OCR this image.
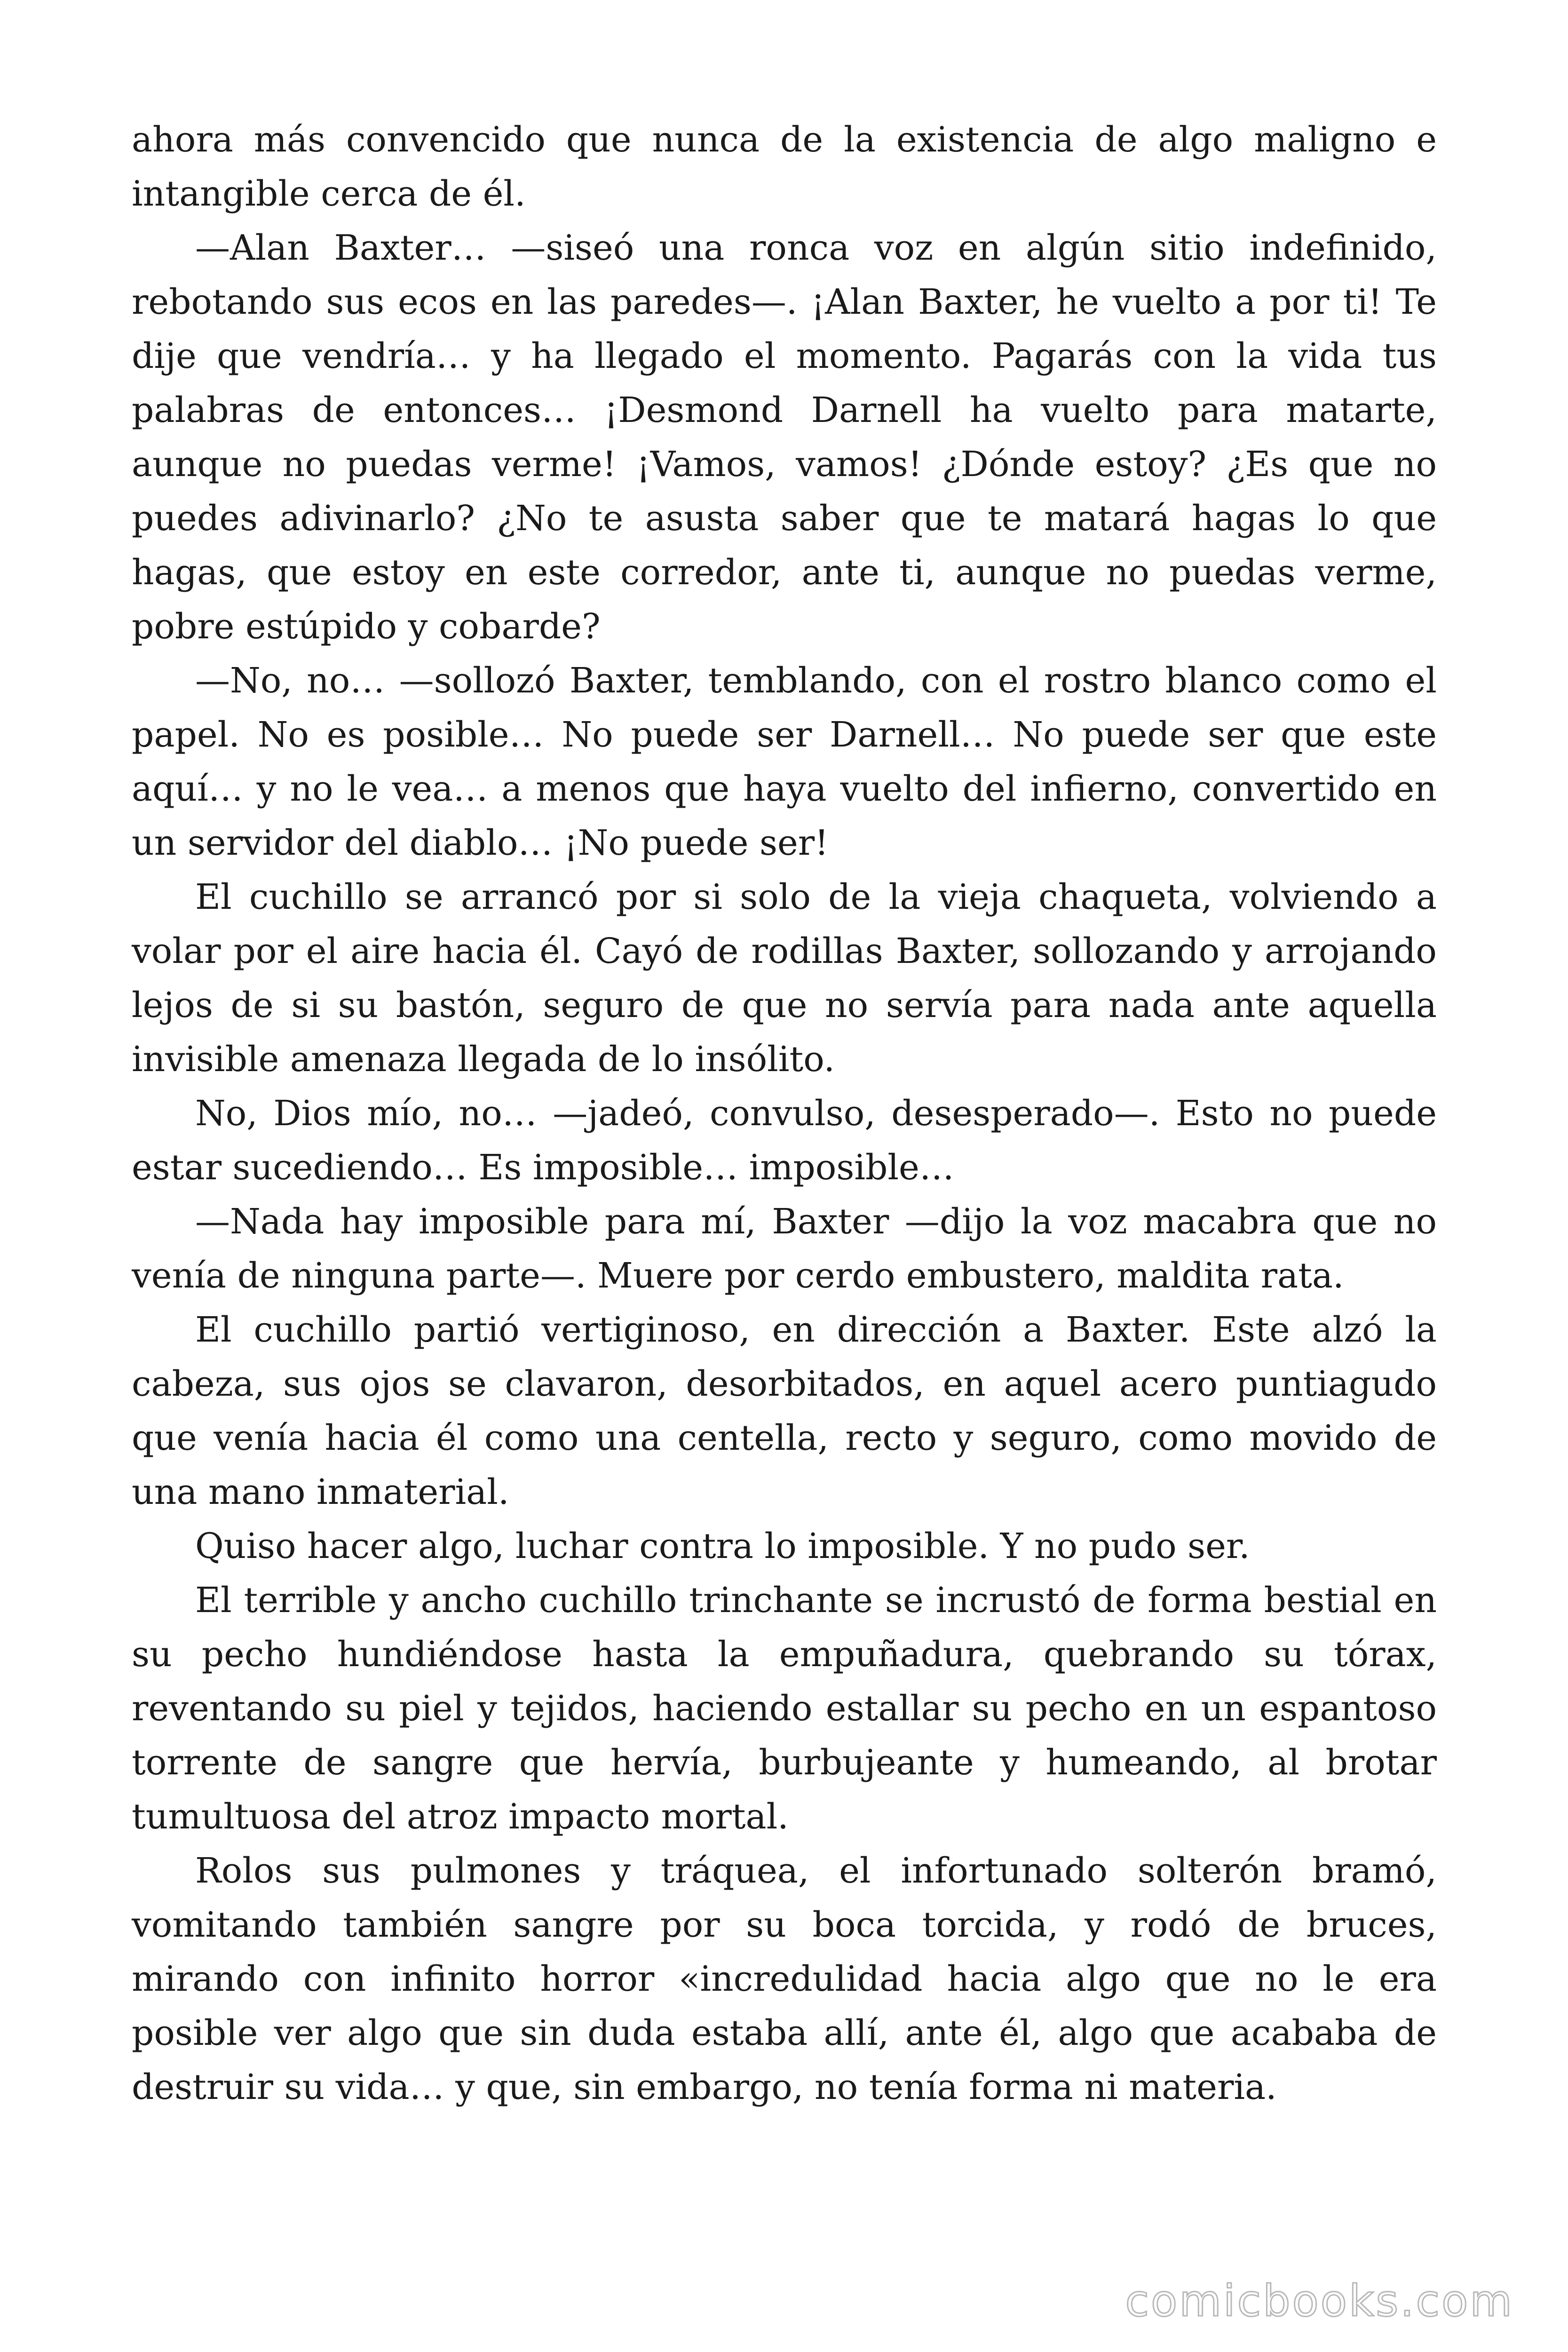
ahora más convencido que nunca de la existencia de algo maligno e intangible cerca de él.

—Alan Baxter… —siseó una ronca voz en algún sitio indefinido, rebotando sus ecos en las paredes—. ¡Alan Baxter, he vuelto a por ti! Te dije que vendría… y ha llegado el momento. Pagarás con la vida tus palabras de entonces… ¡Desmond Darnell ha vuelto para matarte, aunque no puedas verme! ¡Vamos, vamos! ¿Dónde estoy? ¿Es que no puedes adivinarlo? ¿No te asusta saber que te matará hagas lo que hagas, que estoy en este corredor, ante ti, aunque no puedas verme, pobre estúpido y cobarde?

—No, no… —sollozó Baxter, temblando, con el rostro blanco como el papel. No es posible… No puede ser Darnell… No puede ser que este aquí… y no le vea… a menos que haya vuelto del infierno, convertido en un servidor del diablo… ¡No puede ser!

El cuchillo se arrancó por si solo de la vieja chaqueta, volviendo a volar por el aire hacia él. Cayó de rodillas Baxter, sollozando y arrojando lejos de si su bastón, seguro de que no servía para nada ante aquella invisible amenaza llegada de lo insólito.

No, Dios mío, no… —jadeó, convulso, desesperado—. Esto no puede estar sucediendo… Es imposible… imposible…

—Nada hay imposible para mí, Baxter —dijo la voz macabra que no venía de ninguna parte—. Muere por cerdo embustero, maldita rata.

El cuchillo partió vertiginoso, en dirección a Baxter. Este alzó la cabeza, sus ojos se clavaron, desorbitados, en aquel acero puntiagudo que venía hacia él como una centella, recto y seguro, como movido de una mano inmaterial.

Quiso hacer algo, luchar contra lo imposible. Y no pudo ser.

El terrible y ancho cuchillo trinchante se incrustó de forma bestial en su pecho hundiéndose hasta la empuñadura, quebrando su tórax, reventando su piel y tejidos, haciendo estallar su pecho en un espantoso torrente de sangre que hervía, burbujeante y humeando, al brotar tumultuosa del atroz impacto mortal.

Rolos sus pulmones y tráquea, el infortunado solterón bramó, vomitando también sangre por su boca torcida, y rodó de bruces, mirando con infinito horror «incredulidad hacia algo que no le era posible ver algo que sin duda estaba allí, ante él, algo que acababa de destruir su vida… y que, sin embargo, no tenía forma ni materia.

comicbooks.com
